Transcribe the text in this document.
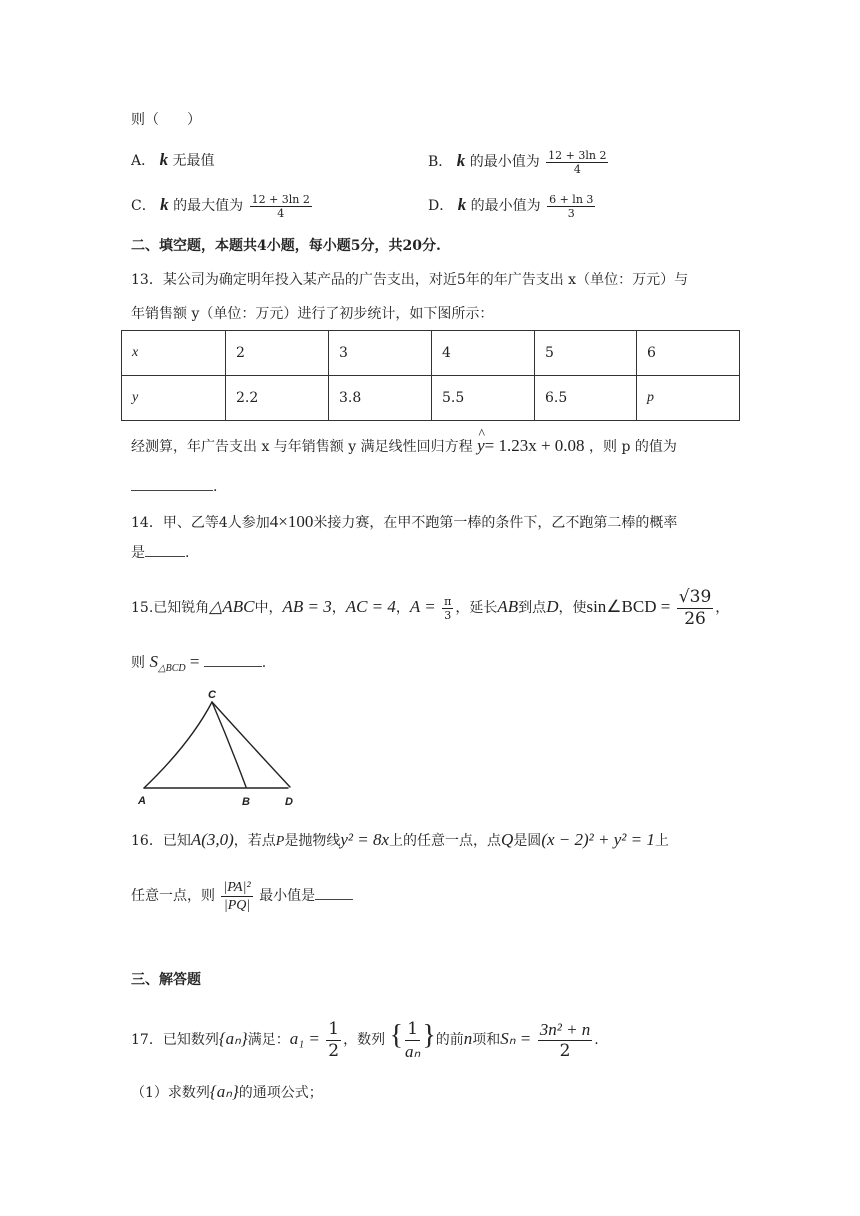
则（　　）
A． k 无最值	B． k 的最小值为 $\frac{12 + 3\ln 2}{4}$
C． k 的最大值为 $\frac{12 + 3\ln 2}{4}$	D． k 的最小值为 $\frac{6 + \ln 3}{3}$
二、填空题，本题共4小题，每小题5分，共20分.
13．某公司为确定明年投入某产品的广告支出，对近5年的年广告支出 x（单位：万元）与
年销售额 y（单位：万元）进行了初步统计，如下图所示：
x	2	3	4	5	6
y	2.2	3.8	5.5	6.5	p
经测算，年广告支出 x 与年销售额 y 满足线性回归方程 ^ y= 1.23x + 0.08 ，则 p 的值为
.
14．甲、乙等4人参加4×100米接力赛，在甲不跑第一棒的条件下，乙不跑第二棒的概率
是	.
15.已知锐角△ABC中，AB = 3，AC = 4，$A = \frac{\pi}{3}$ ，延长AB到点D，使sin∠BCD = $\frac{√39}{26}$ ，
则 $S_{\triangle BCD}$ =	.
C
A	B	D
16．已知A(3,0)，若点P是抛物线y² = 8x上的任意一点，点Q是圆(x − 2)² + y² = 1上
任意一点，则 $\frac{\text{|PA|²}}{|PQ|}$ 最小值是
三、解答题
17．已知数列{aₙ}满足：$a_1 = \frac{1}{2}$ ，数列 { $\frac{1}{\text{aₙ}}$ }的前n项和$S_n = \frac{\text{3n² + n}}{2}$ .
（1）求数列{aₙ}的通项公式；
